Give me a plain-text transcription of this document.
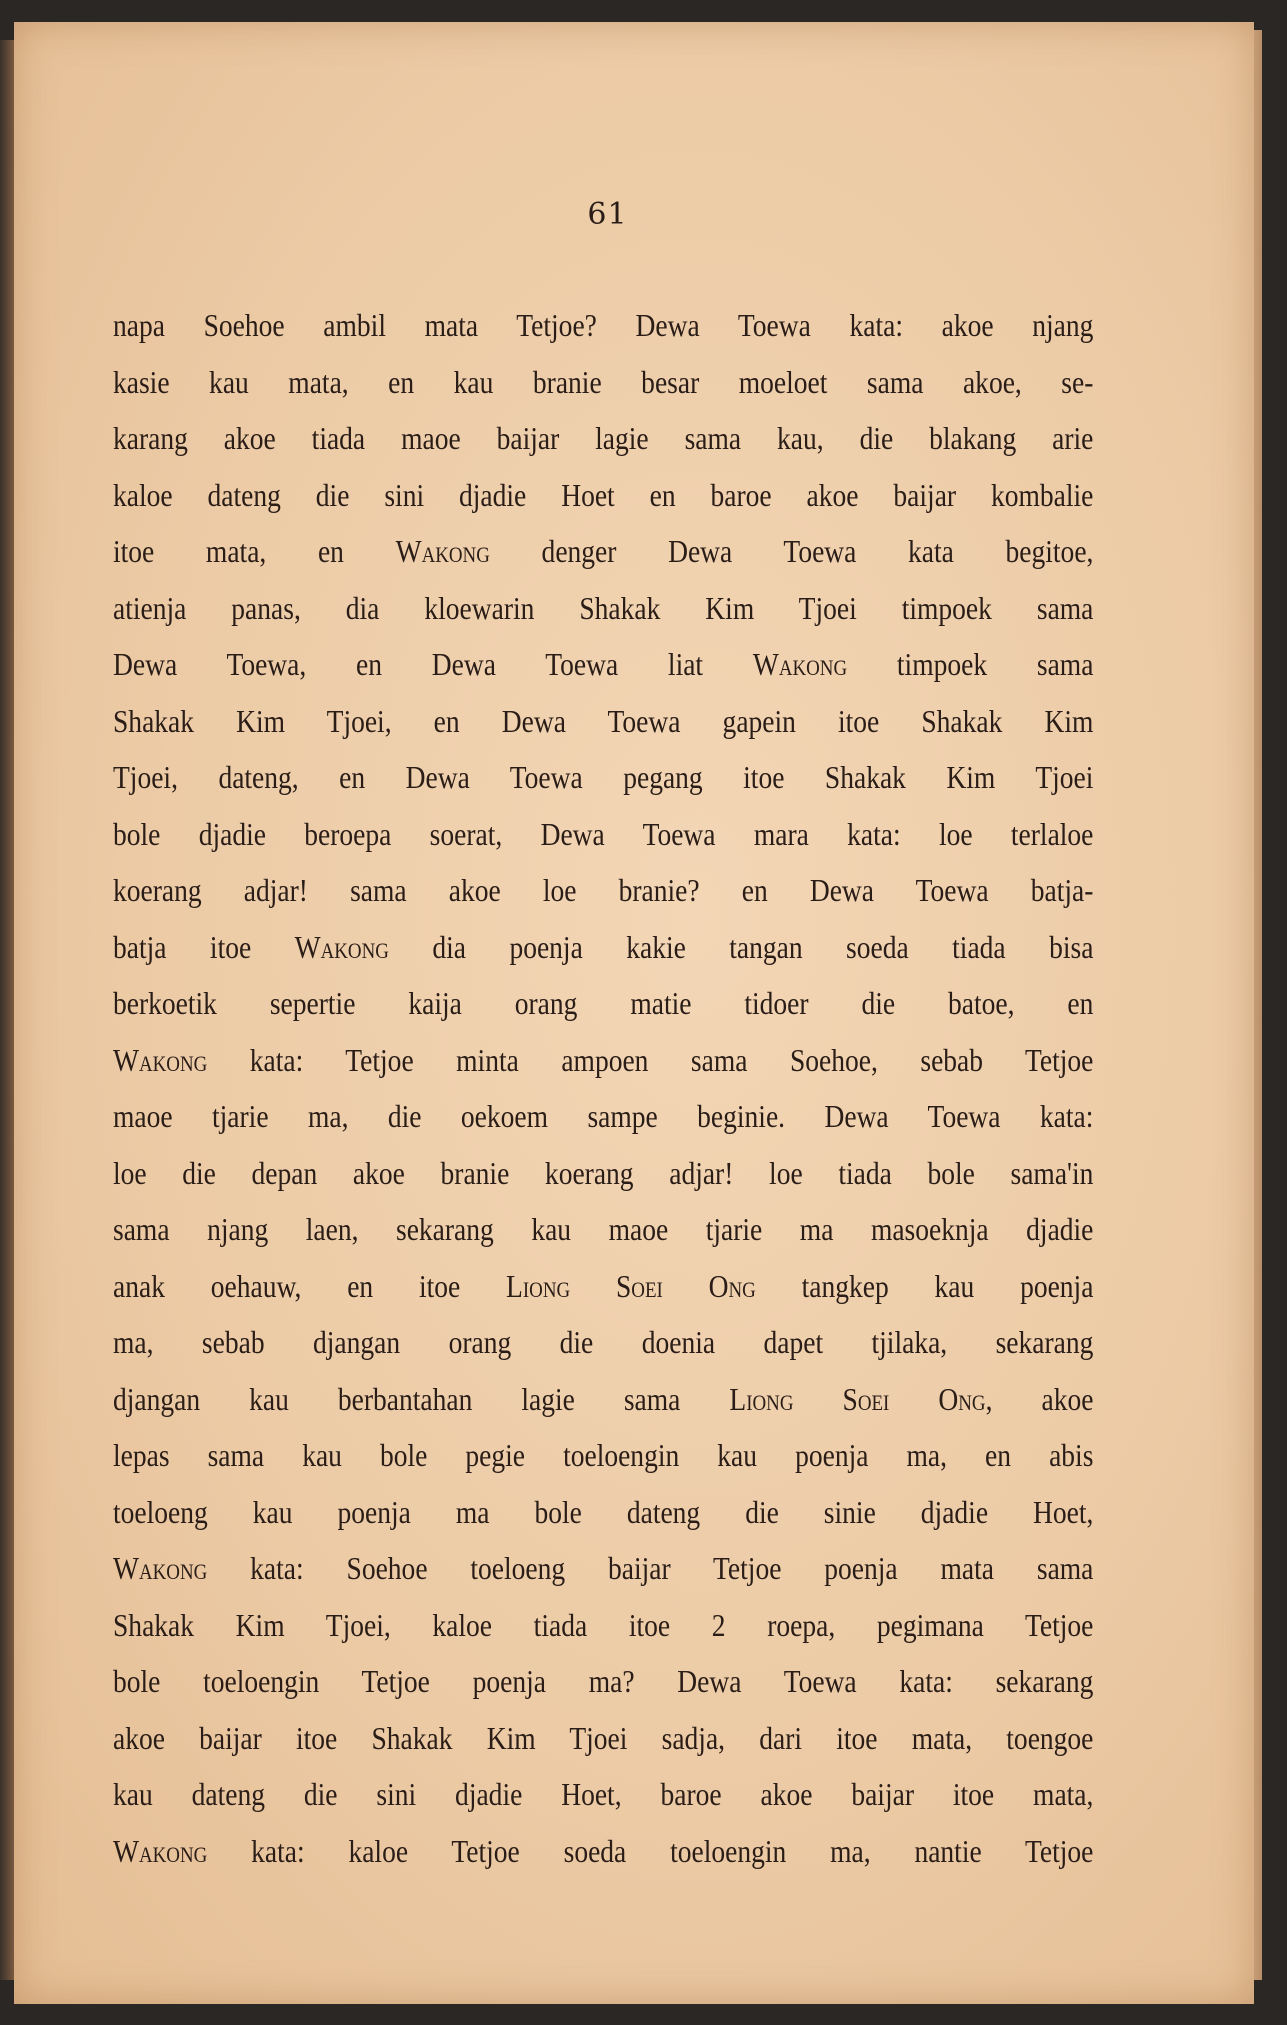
61
napa Soehoe ambil mata Tetjoe? Dewa Toewa kata: akoe njang
kasie kau mata, en kau branie besar moeloet sama akoe, se-
karang akoe tiada maoe baijar lagie sama kau, die blakang arie
kaloe dateng die sini djadie Hoet en baroe akoe baijar kombalie
itoe mata, en Wakong denger Dewa Toewa kata begitoe,
atienja panas, dia kloewarin Shakak Kim Tjoei timpoek sama
Dewa Toewa, en Dewa Toewa liat Wakong timpoek sama
Shakak Kim Tjoei, en Dewa Toewa gapein itoe Shakak Kim
Tjoei, dateng, en Dewa Toewa pegang itoe Shakak Kim Tjoei
bole djadie beroepa soerat, Dewa Toewa mara kata: loe terlaloe
koerang adjar! sama akoe loe branie? en Dewa Toewa batja-
batja itoe Wakong dia poenja kakie tangan soeda tiada bisa
berkoetik sepertie kaija orang matie tidoer die batoe, en
Wakong kata: Tetjoe minta ampoen sama Soehoe, sebab Tetjoe
maoe tjarie ma, die oekoem sampe beginie. Dewa Toewa kata:
loe die depan akoe branie koerang adjar! loe tiada bole sama'in
sama njang laen, sekarang kau maoe tjarie ma masoeknja djadie
anak oehauw, en itoe Liong Soei Ong tangkep kau poenja
ma, sebab djangan orang die doenia dapet tjilaka, sekarang
djangan kau berbantahan lagie sama Liong Soei Ong, akoe
lepas sama kau bole pegie toeloengin kau poenja ma, en abis
toeloeng kau poenja ma bole dateng die sinie djadie Hoet,
Wakong kata: Soehoe toeloeng baijar Tetjoe poenja mata sama
Shakak Kim Tjoei, kaloe tiada itoe 2 roepa, pegimana Tetjoe
bole toeloengin Tetjoe poenja ma? Dewa Toewa kata: sekarang
akoe baijar itoe Shakak Kim Tjoei sadja, dari itoe mata, toengoe
kau dateng die sini djadie Hoet, baroe akoe baijar itoe mata,
Wakong kata: kaloe Tetjoe soeda toeloengin ma, nantie Tetjoe
